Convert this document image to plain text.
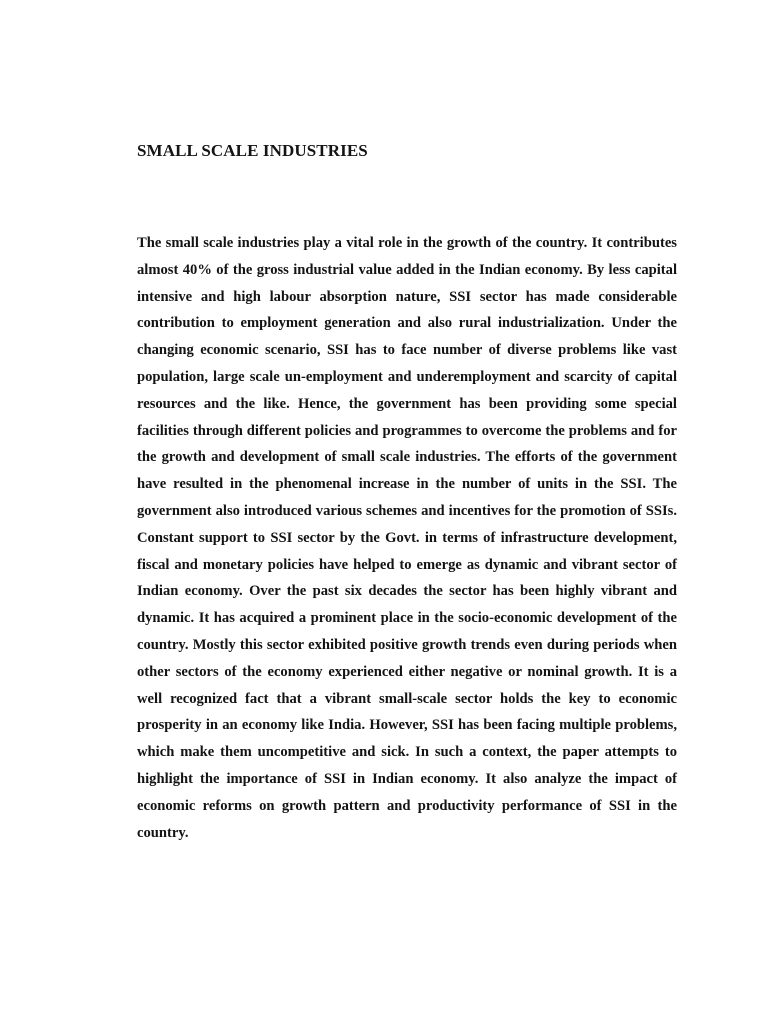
SMALL SCALE INDUSTRIES

The small scale industries play a vital role in the growth of the country. It contributes almost 40% of the gross industrial value added in the Indian economy. By less capital intensive and high labour absorption nature, SSI sector has made considerable contribution to employment generation and also rural industrialization. Under the changing economic scenario, SSI has to face number of diverse problems like vast population, large scale un-employment and underemployment and scarcity of capital resources and the like. Hence, the government has been providing some special facilities through different policies and programmes to overcome the problems and for the growth and development of small scale industries. The efforts of the government have resulted in the phenomenal increase in the number of units in the SSI. The government also introduced various schemes and incentives for the promotion of SSIs. Constant support to SSI sector by the Govt. in terms of infrastructure development, fiscal and monetary policies have helped to emerge as dynamic and vibrant sector of Indian economy. Over the past six decades the sector has been highly vibrant and dynamic. It has acquired a prominent place in the socio-economic development of the country. Mostly this sector exhibited positive growth trends even during periods when other sectors of the economy experienced either negative or nominal growth. It is a well recognized fact that a vibrant small-scale sector holds the key to economic prosperity in an economy like India. However, SSI has been facing multiple problems, which make them uncompetitive and sick. In such a context, the paper attempts to highlight the importance of SSI in Indian economy. It also analyze the impact of economic reforms on growth pattern and productivity performance of SSI in the country.
